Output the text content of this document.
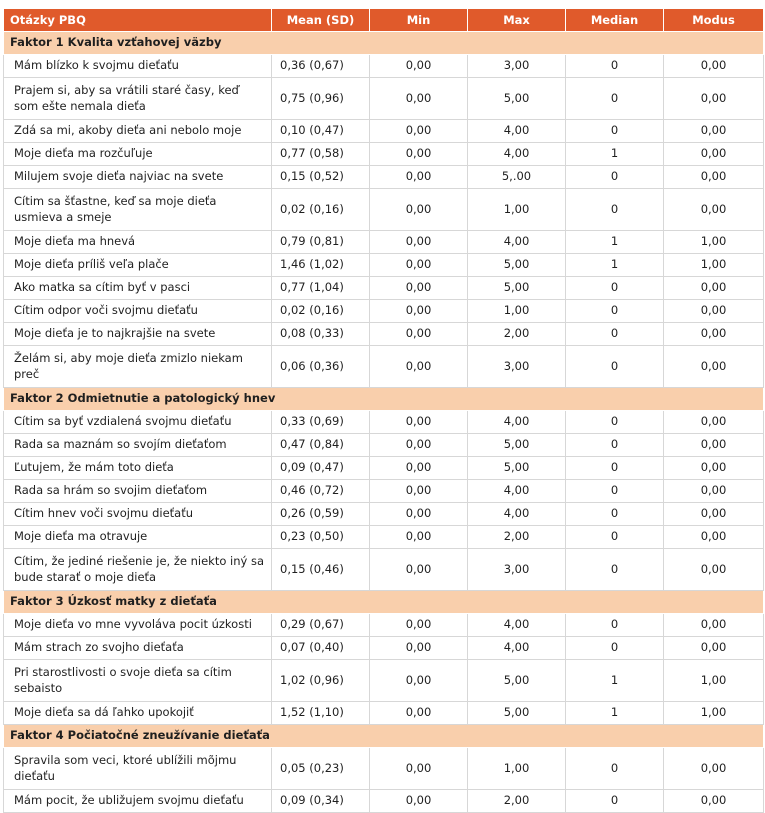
Otázky PBQ	Mean (SD)	Min	Max	Median	Modus
Faktor 1 Kvalita vzťahovej väzby					
Mám blízko k svojmu dieťaťu	0,36 (0,67)	0,00	3,00	0	0,00
Prajem si, aby sa vrátili staré časy, keď som ešte nemala dieťa	0,75 (0,96)	0,00	5,00	0	0,00
Zdá sa mi, akoby dieťa ani nebolo moje	0,10 (0,47)	0,00	4,00	0	0,00
Moje dieťa ma rozčuľuje	0,77 (0,58)	0,00	4,00	1	0,00
Milujem svoje dieťa najviac na svete	0,15 (0,52)	0,00	5,.00	0	0,00
Cítim sa šťastne, keď sa moje dieťa usmieva a smeje	0,02 (0,16)	0,00	1,00	0	0,00
Moje dieťa ma hnevá	0,79 (0,81)	0,00	4,00	1	1,00
Moje dieťa príliš veľa plače	1,46 (1,02)	0,00	5,00	1	1,00
Ako matka sa cítim byť v pasci	0,77 (1,04)	0,00	5,00	0	0,00
Cítim odpor voči svojmu dieťaťu	0,02 (0,16)	0,00	1,00	0	0,00
Moje dieťa je to najkrajšie na svete	0,08 (0,33)	0,00	2,00	0	0,00
Želám si, aby moje dieťa zmizlo niekam preč	0,06 (0,36)	0,00	3,00	0	0,00
Faktor 2 Odmietnutie a patologický hnev					
Cítim sa byť vzdialená svojmu dieťaťu	0,33 (0,69)	0,00	4,00	0	0,00
Rada sa maznám so svojím dieťaťom	0,47 (0,84)	0,00	5,00	0	0,00
Ľutujem, že mám toto dieťa	0,09 (0,47)	0,00	5,00	0	0,00
Rada sa hrám so svojim dieťaťom	0,46 (0,72)	0,00	4,00	0	0,00
Cítim hnev voči svojmu dieťaťu	0,26 (0,59)	0,00	4,00	0	0,00
Moje dieťa ma otravuje	0,23 (0,50)	0,00	2,00	0	0,00
Cítim, že jediné riešenie je, že niekto iný sa bude starať o moje dieťa	0,15 (0,46)	0,00	3,00	0	0,00
Faktor 3 Úzkosť matky z dieťaťa					
Moje dieťa vo mne vyvoláva pocit úzkosti	0,29 (0,67)	0,00	4,00	0	0,00
Mám strach zo svojho dieťaťa	0,07 (0,40)	0,00	4,00	0	0,00
Pri starostlivosti o svoje dieťa sa cítim sebaisto	1,02 (0,96)	0,00	5,00	1	1,00
Moje dieťa sa dá ľahko upokojiť	1,52 (1,10)	0,00	5,00	1	1,00
Faktor 4 Počiatočné zneužívanie dieťaťa					
Spravila som veci, ktoré ublížili mõjmu dieťaťu	0,05 (0,23)	0,00	1,00	0	0,00
Mám pocit, že ubližujem svojmu dieťaťu	0,09 (0,34)	0,00	2,00	0	0,00
